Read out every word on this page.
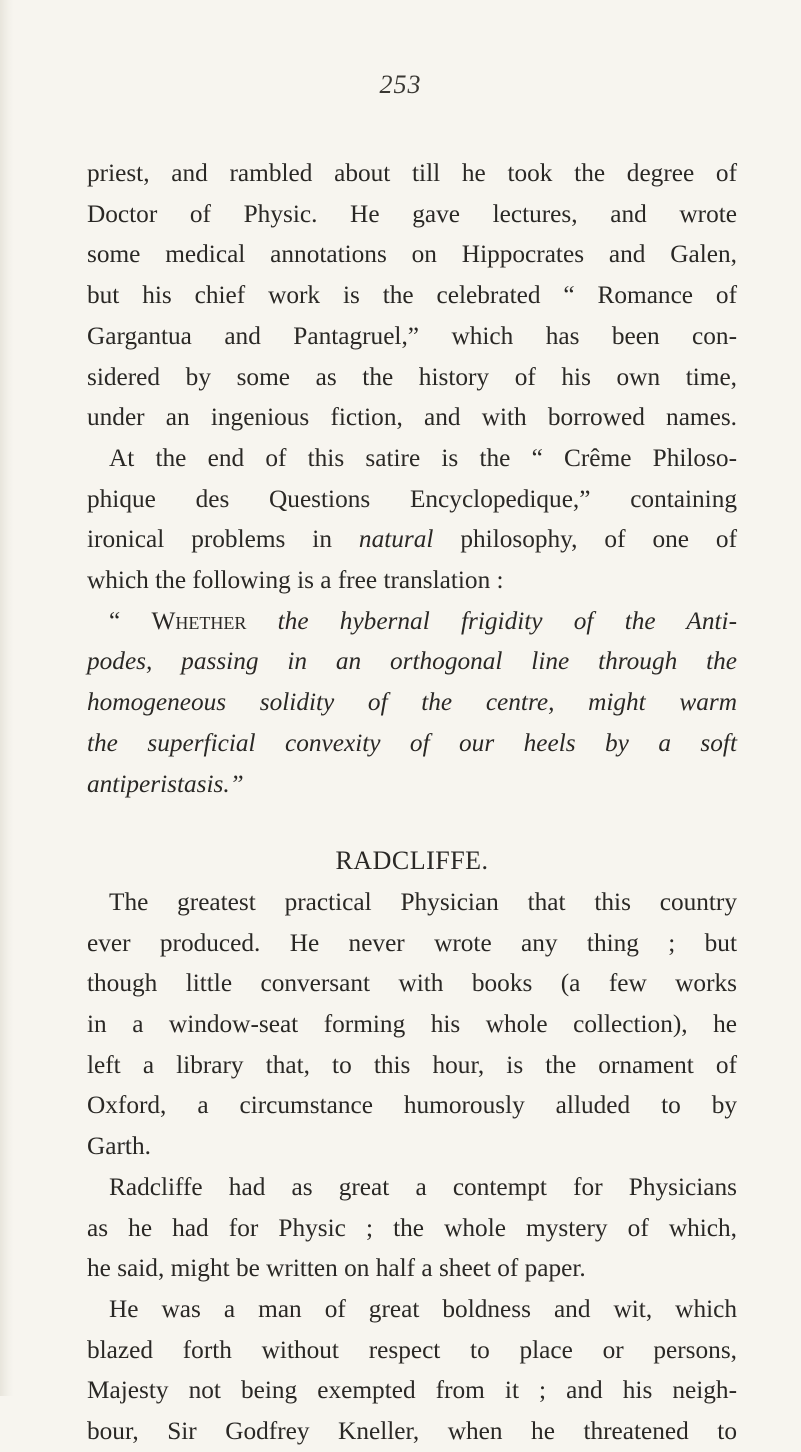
253
priest, and rambled about till he took the degree of
Doctor of Physic. He gave lectures, and wrote
some medical annotations on Hippocrates and Galen,
but his chief work is the celebrated “ Romance of
Gargantua and Pantagruel,” which has been con-
sidered by some as the history of his own time,
under an ingenious fiction, and with borrowed names.
At the end of this satire is the “ Crême Philoso-
phique des Questions Encyclopedique,” containing
ironical problems in natural philosophy, of one of
which the following is a free translation :
“ Whether the hybernal frigidity of the Anti-
podes, passing in an orthogonal line through the
homogeneous solidity of the centre, might warm
the superficial convexity of our heels by a soft
antiperistasis.”
RADCLIFFE.
The greatest practical Physician that this country
ever produced. He never wrote any thing ; but
though little conversant with books (a few works
in a window-seat forming his whole collection), he
left a library that, to this hour, is the ornament of
Oxford, a circumstance humorously alluded to by
Garth.
Radcliffe had as great a contempt for Physicians
as he had for Physic ; the whole mystery of which,
he said, might be written on half a sheet of paper.
He was a man of great boldness and wit, which
blazed forth without respect to place or persons,
Majesty not being exempted from it ; and his neigh-
bour, Sir Godfrey Kneller, when he threatened to
